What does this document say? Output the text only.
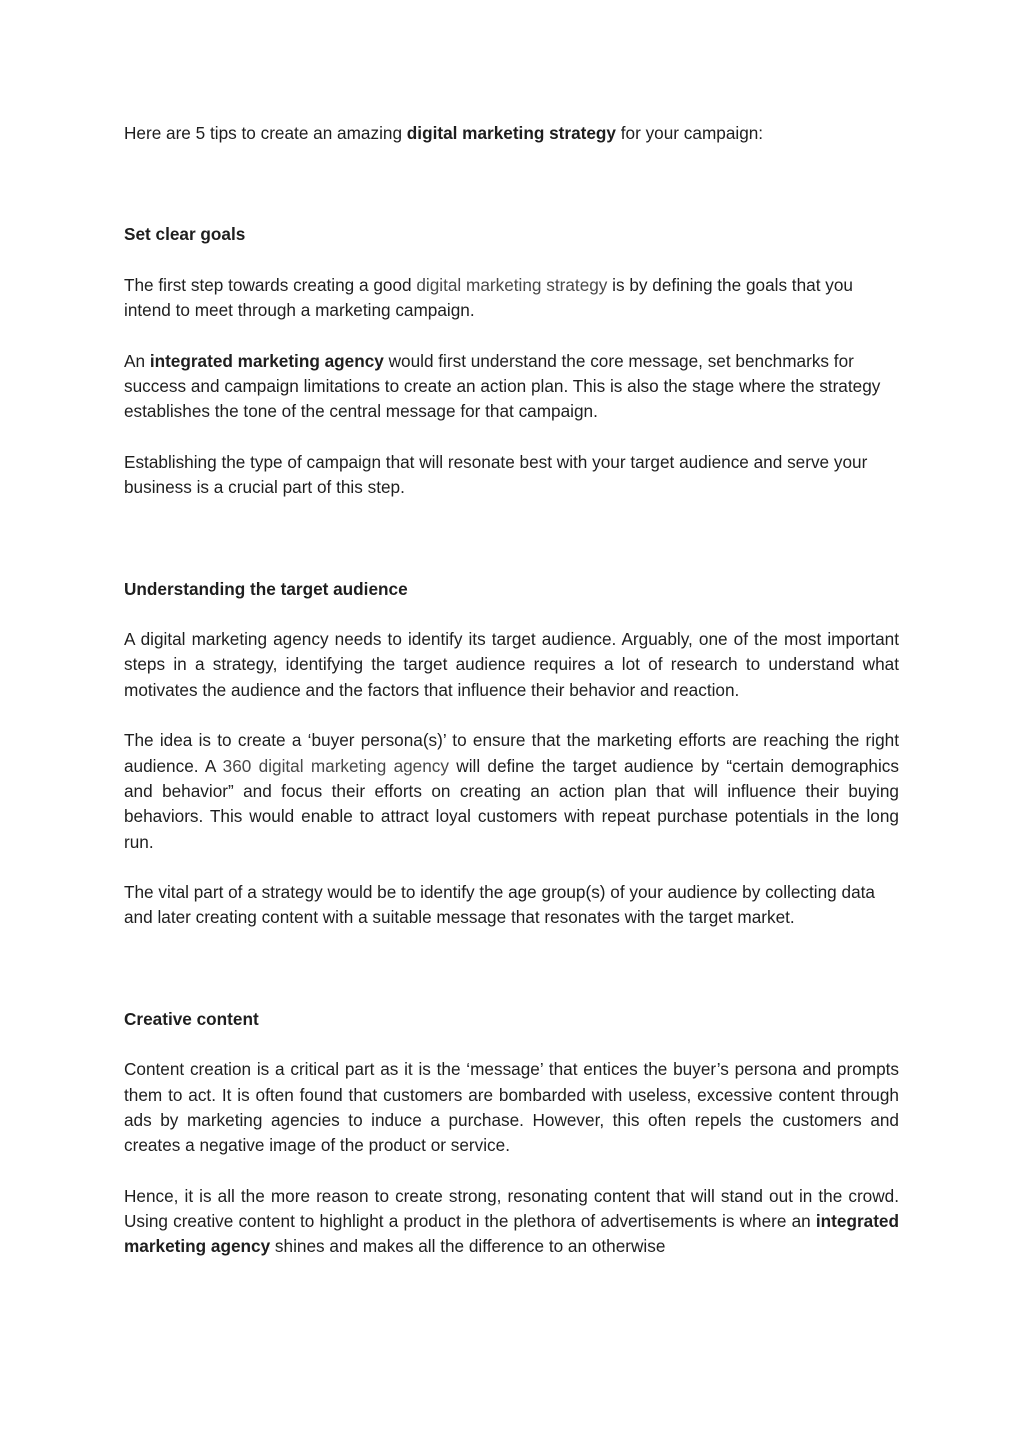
Here are 5 tips to create an amazing digital marketing strategy for your campaign:

Set clear goals

The first step towards creating a good digital marketing strategy is by defining the goals that you intend to meet through a marketing campaign.

An integrated marketing agency would first understand the core message, set benchmarks for success and campaign limitations to create an action plan. This is also the stage where the strategy establishes the tone of the central message for that campaign.

Establishing the type of campaign that will resonate best with your target audience and serve your business is a crucial part of this step.

Understanding the target audience

A digital marketing agency needs to identify its target audience. Arguably, one of the most important steps in a strategy, identifying the target audience requires a lot of research to understand what motivates the audience and the factors that influence their behavior and reaction.

The idea is to create a ‘buyer persona(s)’ to ensure that the marketing efforts are reaching the right audience. A 360 digital marketing agency will define the target audience by “certain demographics and behavior” and focus their efforts on creating an action plan that will influence their buying behaviors. This would enable to attract loyal customers with repeat purchase potentials in the long run.

The vital part of a strategy would be to identify the age group(s) of your audience by collecting data and later creating content with a suitable message that resonates with the target market.

Creative content

Content creation is a critical part as it is the ‘message’ that entices the buyer’s persona and prompts them to act. It is often found that customers are bombarded with useless, excessive content through ads by marketing agencies to induce a purchase. However, this often repels the customers and creates a negative image of the product or service.

Hence, it is all the more reason to create strong, resonating content that will stand out in the crowd. Using creative content to highlight a product in the plethora of advertisements is where an integrated marketing agency shines and makes all the difference to an otherwise
